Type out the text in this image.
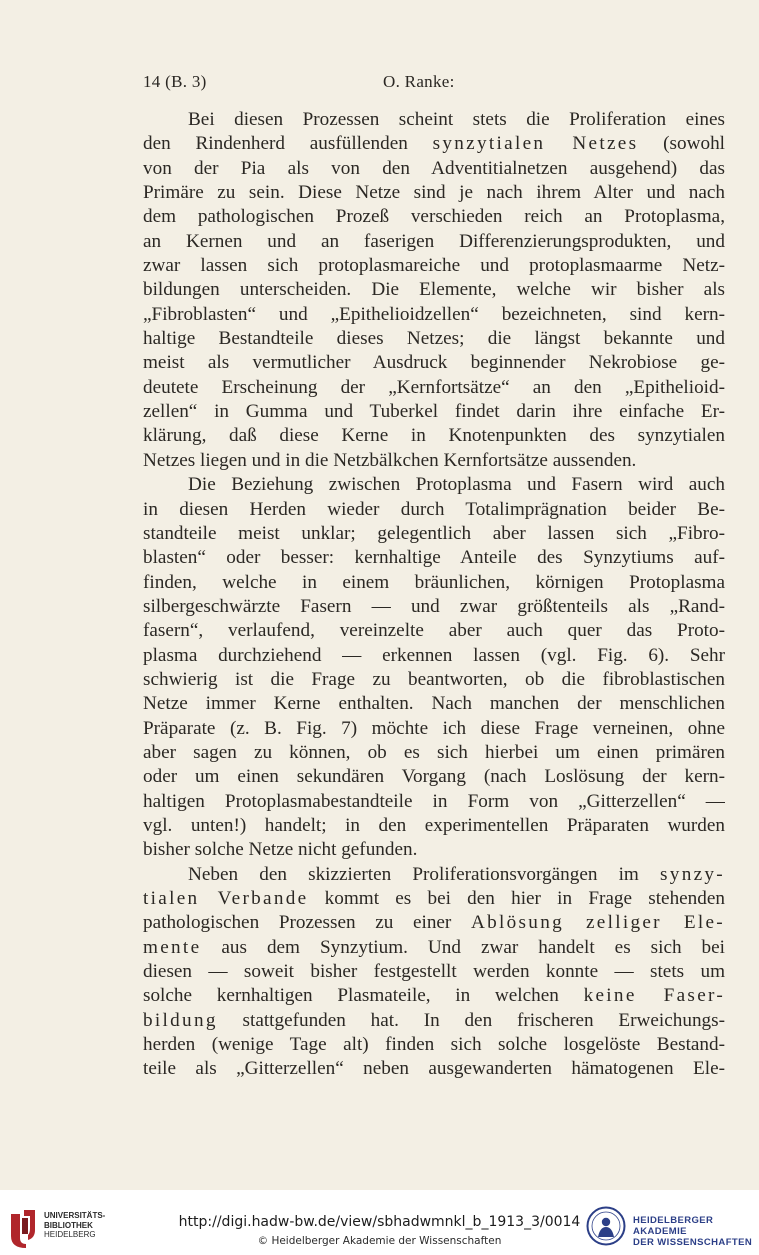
14 (B. 3)	O. Ranke:
Bei diesen Prozessen scheint stets die Proliferation eines
den Rindenherd ausfüllenden synzytialen Netzes (sowohl
von der Pia als von den Adventitialnetzen ausgehend) das
Primäre zu sein. Diese Netze sind je nach ihrem Alter und nach
dem pathologischen Prozeß verschieden reich an Protoplasma,
an Kernen und an faserigen Differenzierungsprodukten, und
zwar lassen sich protoplasmareiche und protoplasmaarme Netz-
bildungen unterscheiden. Die Elemente, welche wir bisher als
„Fibroblasten“ und „Epithelioidzellen“ bezeichneten, sind kern-
haltige Bestandteile dieses Netzes; die längst bekannte und
meist als vermutlicher Ausdruck beginnender Nekrobiose ge-
deutete Erscheinung der „Kernfortsätze“ an den „Epithelioid-
zellen“ in Gumma und Tuberkel findet darin ihre einfache Er-
klärung, daß diese Kerne in Knotenpunkten des synzytialen
Netzes liegen und in die Netzbälkchen Kernfortsätze aussenden.
Die Beziehung zwischen Protoplasma und Fasern wird auch
in diesen Herden wieder durch Totalimprägnation beider Be-
standteile meist unklar; gelegentlich aber lassen sich „Fibro-
blasten“ oder besser: kernhaltige Anteile des Synzytiums auf-
finden, welche in einem bräunlichen, körnigen Protoplasma
silbergeschwärzte Fasern — und zwar größtenteils als „Rand-
fasern“, verlaufend, vereinzelte aber auch quer das Proto-
plasma durchziehend — erkennen lassen (vgl. Fig. 6). Sehr
schwierig ist die Frage zu beantworten, ob die fibroblastischen
Netze immer Kerne enthalten. Nach manchen der menschlichen
Präparate (z. B. Fig. 7) möchte ich diese Frage verneinen, ohne
aber sagen zu können, ob es sich hierbei um einen primären
oder um einen sekundären Vorgang (nach Loslösung der kern-
haltigen Protoplasmabestandteile in Form von „Gitterzellen“ —
vgl. unten!) handelt; in den experimentellen Präparaten wurden
bisher solche Netze nicht gefunden.
Neben den skizzierten Proliferationsvorgängen im synzy-
tialen Verbande kommt es bei den hier in Frage stehenden
pathologischen Prozessen zu einer Ablösung zelliger Ele-
mente aus dem Synzytium. Und zwar handelt es sich bei
diesen — soweit bisher festgestellt werden konnte — stets um
solche kernhaltigen Plasmateile, in welchen keine Faser-
bildung stattgefunden hat. In den frischeren Erweichungs-
herden (wenige Tage alt) finden sich solche losgelöste Bestand-
teile als „Gitterzellen“ neben ausgewanderten hämatogenen Ele-
UNIVERSITÄTS-
BIBLIOTHEK
HEIDELBERG
http://digi.hadw-bw.de/view/sbhadwmnkl_b_1913_3/0014
© Heidelberger Akademie der Wissenschaften
HEIDELBERGER AKADEMIE
DER WISSENSCHAFTEN
